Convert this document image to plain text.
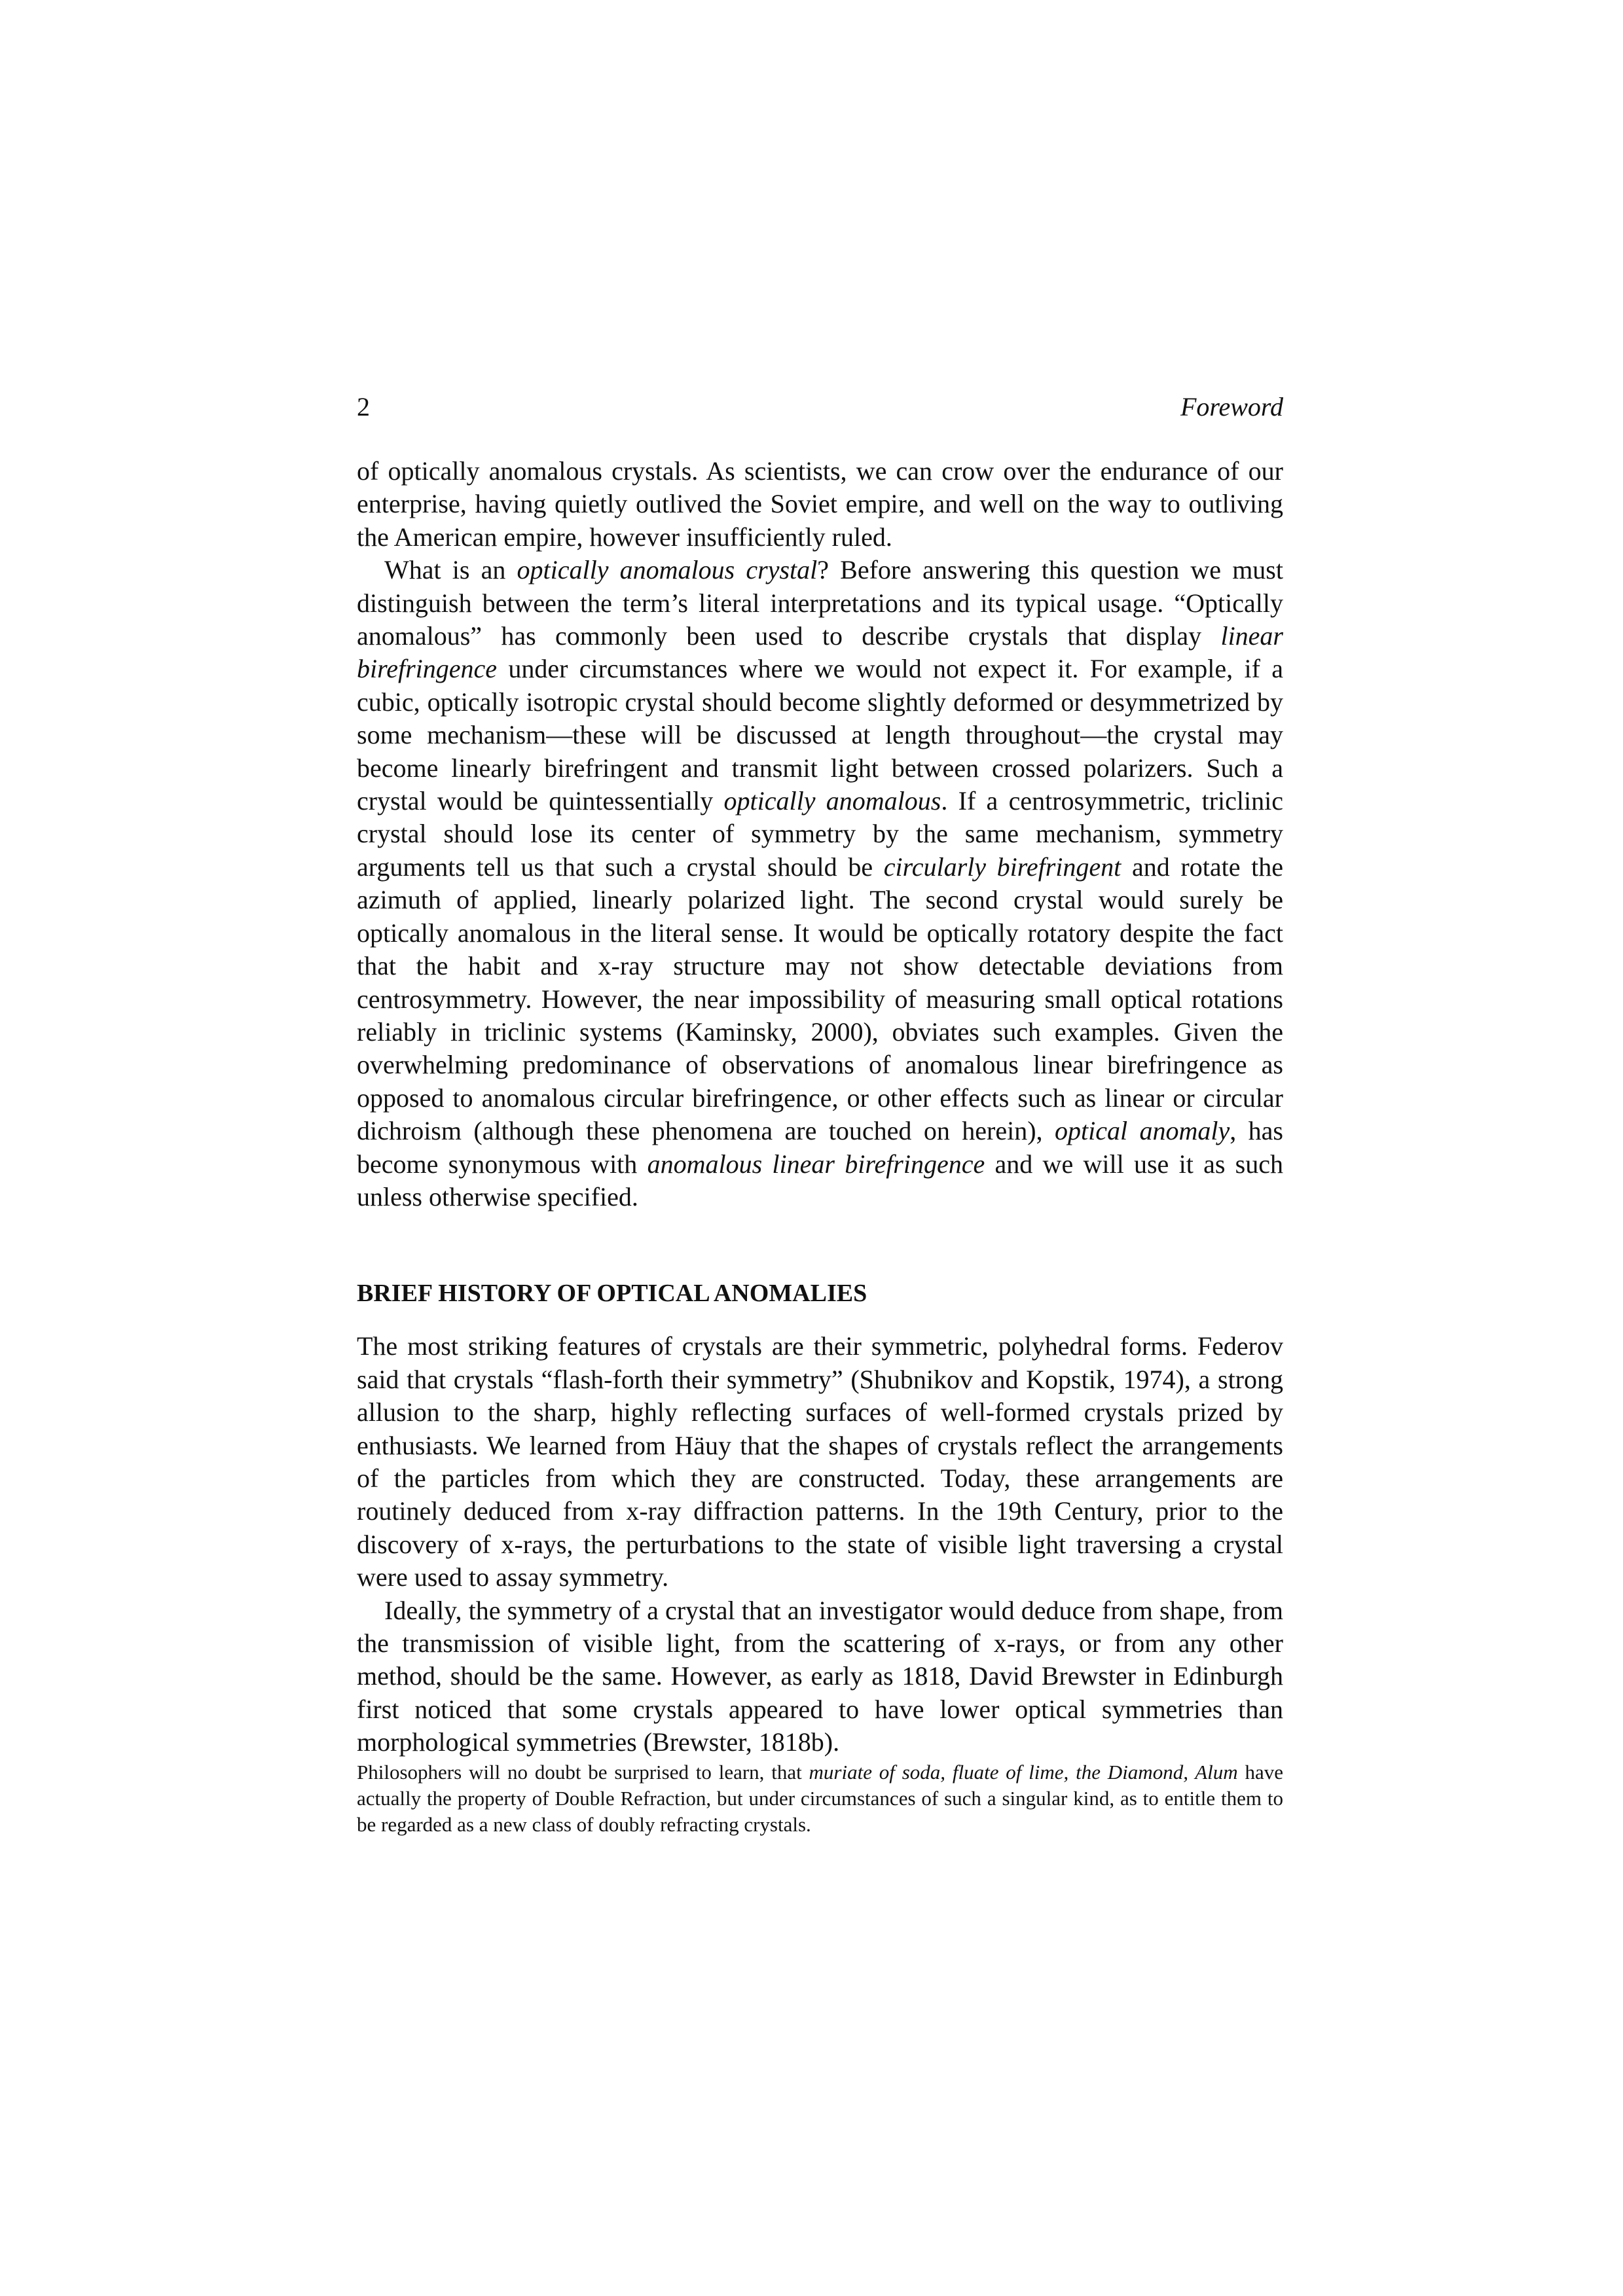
2	Foreword

of optically anomalous crystals. As scientists, we can crow over the endurance of our enterprise, having quietly outlived the Soviet empire, and well on the way to outliving the American empire, however insufficiently ruled.

What is an optically anomalous crystal? Before answering this question we must distinguish between the term’s literal interpretations and its typical usage. “Optically anomalous” has commonly been used to describe crystals that display linear birefringence under circumstances where we would not expect it. For example, if a cubic, optically isotropic crystal should become slightly deformed or desymmetrized by some mechanism—these will be discussed at length throughout—the crystal may become linearly birefringent and transmit light between crossed polarizers. Such a crystal would be quintessentially optically anomalous. If a centrosymmetric, triclinic crystal should lose its center of symmetry by the same mechanism, symmetry arguments tell us that such a crystal should be circularly birefringent and rotate the azimuth of applied, linearly polarized light. The second crystal would surely be optically anomalous in the literal sense. It would be optically rotatory despite the fact that the habit and x-ray structure may not show detectable deviations from centrosymmetry. However, the near impossibility of measuring small optical rotations reliably in triclinic systems (Kaminsky, 2000), obviates such examples. Given the overwhelming predominance of observations of anomalous linear birefringence as opposed to anomalous circular birefringence, or other effects such as linear or circular dichroism (although these phenomena are touched on herein), optical anomaly, has become synonymous with anomalous linear birefringence and we will use it as such unless otherwise specified.

BRIEF HISTORY OF OPTICAL ANOMALIES

The most striking features of crystals are their symmetric, polyhedral forms. Federov said that crystals “flash-forth their symmetry” (Shubnikov and Kopstik, 1974), a strong allusion to the sharp, highly reflecting surfaces of well-formed crystals prized by enthusiasts. We learned from Häuy that the shapes of crystals reflect the arrangements of the particles from which they are constructed. Today, these arrangements are routinely deduced from x-ray diffraction patterns. In the 19th Century, prior to the discovery of x-rays, the perturbations to the state of visible light traversing a crystal were used to assay symmetry.

Ideally, the symmetry of a crystal that an investigator would deduce from shape, from the transmission of visible light, from the scattering of x-rays, or from any other method, should be the same. However, as early as 1818, David Brewster in Edinburgh first noticed that some crystals appeared to have lower optical symmetries than morphological symmetries (Brewster, 1818b).

Philosophers will no doubt be surprised to learn, that muriate of soda, fluate of lime, the Diamond, Alum have actually the property of Double Refraction, but under circumstances of such a singular kind, as to entitle them to be regarded as a new class of doubly refracting crystals.
